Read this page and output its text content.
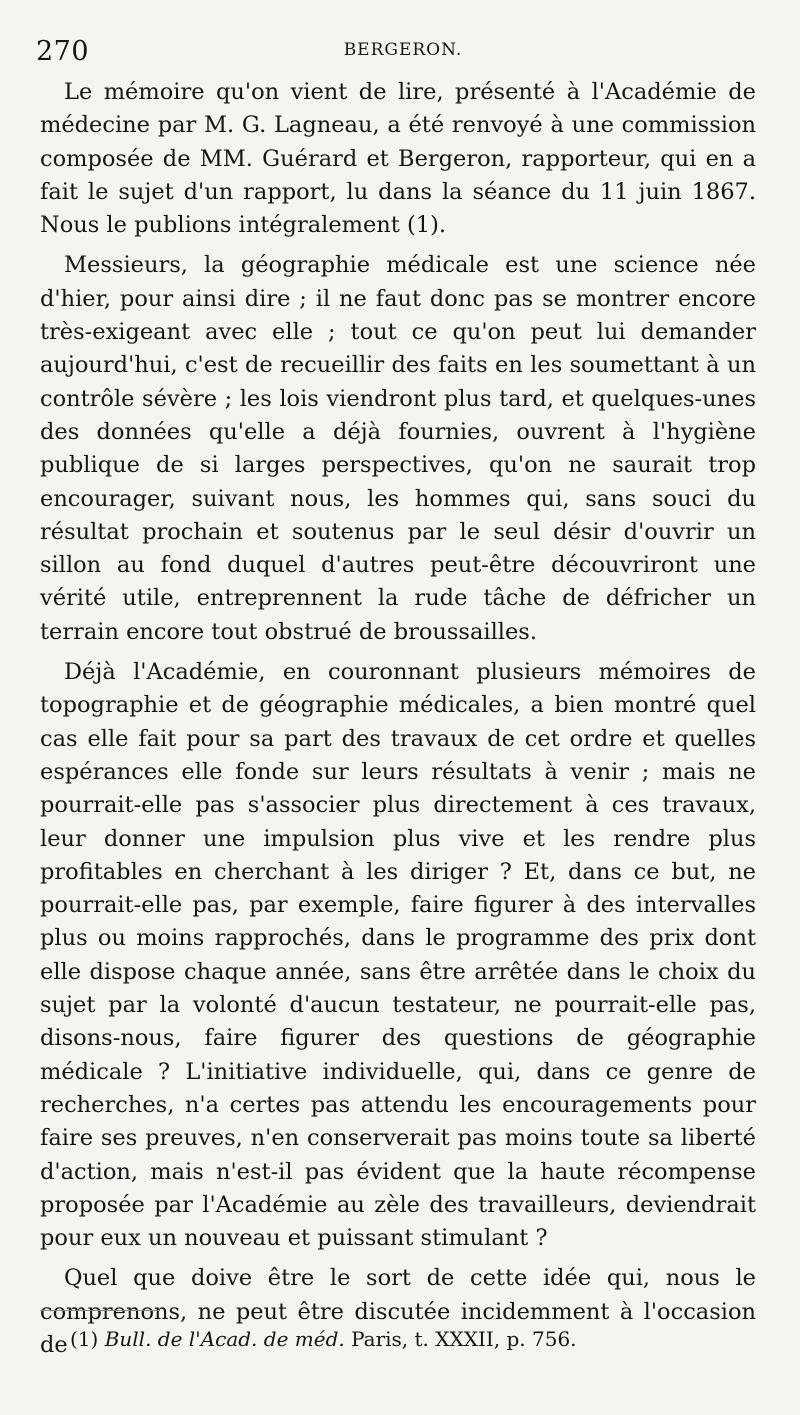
270	BERGERON.

Le mémoire qu'on vient de lire, présenté à l'Académie de médecine par M. G. Lagneau, a été renvoyé à une commission composée de MM. Guérard et Bergeron, rapporteur, qui en a fait le sujet d'un rapport, lu dans la séance du 11 juin 1867. Nous le publions intégralement (1).

Messieurs, la géographie médicale est une science née d'hier, pour ainsi dire ; il ne faut donc pas se montrer encore très-exigeant avec elle ; tout ce qu'on peut lui demander aujourd'hui, c'est de recueillir des faits en les soumettant à un contrôle sévère ; les lois viendront plus tard, et quelques-unes des données qu'elle a déjà fournies, ouvrent à l'hygiène publique de si larges perspectives, qu'on ne saurait trop encourager, suivant nous, les hommes qui, sans souci du résultat prochain et soutenus par le seul désir d'ouvrir un sillon au fond duquel d'autres peut-être découvriront une vérité utile, entreprennent la rude tâche de défricher un terrain encore tout obstrué de broussailles.

Déjà l'Académie, en couronnant plusieurs mémoires de topographie et de géographie médicales, a bien montré quel cas elle fait pour sa part des travaux de cet ordre et quelles espérances elle fonde sur leurs résultats à venir ; mais ne pourrait-elle pas s'associer plus directement à ces travaux, leur donner une impulsion plus vive et les rendre plus profitables en cherchant à les diriger ? Et, dans ce but, ne pourrait-elle pas, par exemple, faire figurer à des intervalles plus ou moins rapprochés, dans le programme des prix dont elle dispose chaque année, sans être arrêtée dans le choix du sujet par la volonté d'aucun testateur, ne pourrait-elle pas, disons-nous, faire figurer des questions de géographie médicale ? L'initiative individuelle, qui, dans ce genre de recherches, n'a certes pas attendu les encouragements pour faire ses preuves, n'en conserverait pas moins toute sa liberté d'action, mais n'est-il pas évident que la haute récompense proposée par l'Académie au zèle des travailleurs, deviendrait pour eux un nouveau et puissant stimulant ?

Quel que doive être le sort de cette idée qui, nous le comprenons, ne peut être discutée incidemment à l'occasion de (1) Bull. de l'Acad. de méd. Paris, t. XXXII, p. 756.
